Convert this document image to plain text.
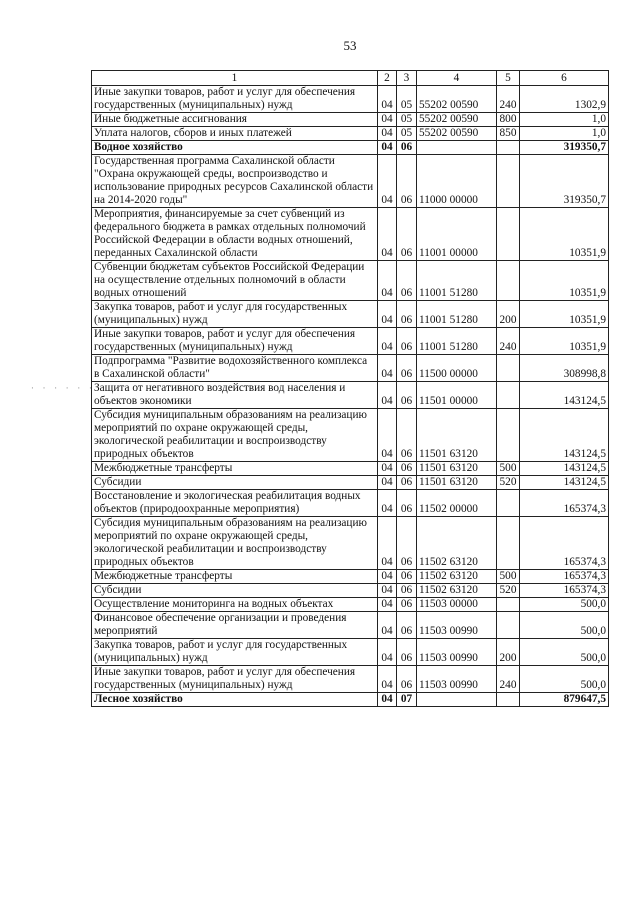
53
· · · · · ·
1	2	3	4	5	6
Иные закупки товаров, работ и услуг для обеспечения государственных (муниципальных) нужд	04	05	55202 00590	240	1302,9
Иные бюджетные ассигнования	04	05	55202 00590	800	1,0
Уплата налогов, сборов и иных платежей	04	05	55202 00590	850	1,0
Водное хозяйство	04	06			319350,7
Государственная программа Сахалинской области "Охрана окружающей среды, воспроизводство и использование природных ресурсов Сахалинской области на 2014-2020 годы"	04	06	11000 00000		319350,7
Мероприятия, финансируемые за счет субвенций из федерального бюджета в рамках отдельных полномочий Российской Федерации в области водных отношений, переданных Сахалинской области	04	06	11001 00000		10351,9
Субвенции бюджетам субъектов Российской Федерации на осуществление отдельных полномочий в области водных отношений	04	06	11001 51280		10351,9
Закупка товаров, работ и услуг для государственных (муниципальных) нужд	04	06	11001 51280	200	10351,9
Иные закупки товаров, работ и услуг для обеспечения государственных (муниципальных) нужд	04	06	11001 51280	240	10351,9
Подпрограмма "Развитие водохозяйственного комплекса в Сахалинской области"	04	06	11500 00000		308998,8
Защита от негативного воздействия вод населения и объектов экономики	04	06	11501 00000		143124,5
Субсидия муниципальным образованиям на реализацию мероприятий по охране окружающей среды, экологической реабилитации и воспроизводству природных объектов	04	06	11501 63120		143124,5
Межбюджетные трансферты	04	06	11501 63120	500	143124,5
Субсидии	04	06	11501 63120	520	143124,5
Восстановление и экологическая реабилитация водных объектов (природоохранные мероприятия)	04	06	11502 00000		165374,3
Субсидия муниципальным образованиям на реализацию мероприятий по охране окружающей среды, экологической реабилитации и воспроизводству природных объектов	04	06	11502 63120		165374,3
Межбюджетные трансферты	04	06	11502 63120	500	165374,3
Субсидии	04	06	11502 63120	520	165374,3
Осуществление мониторинга на водных объектах	04	06	11503 00000		500,0
Финансовое обеспечение организации и проведения мероприятий	04	06	11503 00990		500,0
Закупка товаров, работ и услуг для государственных (муниципальных) нужд	04	06	11503 00990	200	500,0
Иные закупки товаров, работ и услуг для обеспечения государственных (муниципальных) нужд	04	06	11503 00990	240	500,0
Лесное хозяйство	04	07			879647,5
